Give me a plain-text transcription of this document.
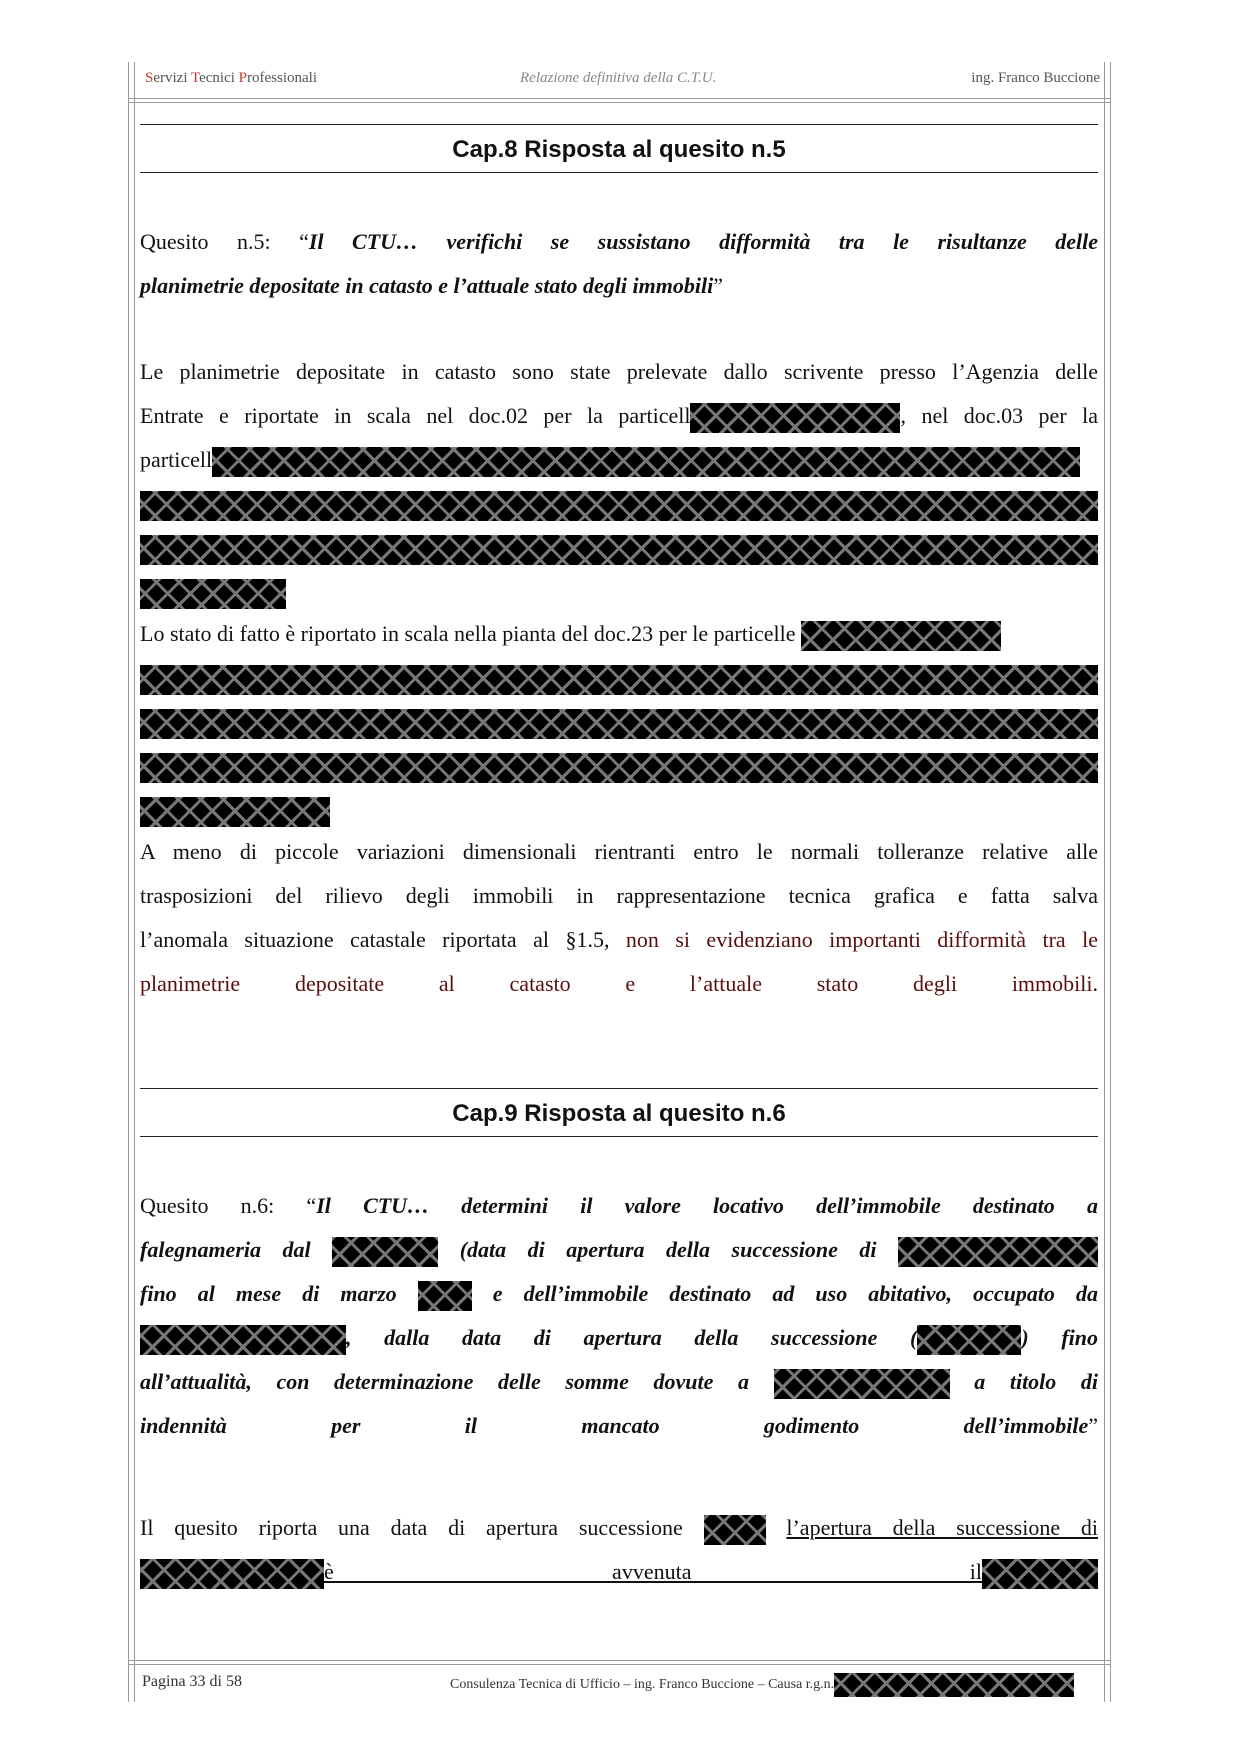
Servizi Tecnici Professionali	Relazione definitiva della C.T.U.	ing. Franco Buccione
Cap.8 Risposta al quesito n.5
Quesito n.5: “Il CTU… verifichi se sussistano difformità tra le risultanze delle
planimetrie depositate in catasto e l’attuale stato degli immobili”
Le planimetrie depositate in catasto sono state prelevate dallo scrivente presso l’Agenzia delle
Entrate e riportate in scala nel doc.02 per la particell	, nel doc.03 per la
particell
Lo stato di fatto è riportato in scala nella pianta del doc.23 per le particelle
A meno di piccole variazioni dimensionali rientranti entro le normali tolleranze relative alle
trasposizioni del rilievo degli immobili in rappresentazione tecnica grafica e fatta salva
l’anomala situazione catastale riportata al §1.5, non si evidenziano importanti difformità tra le
planimetrie depositate al catasto e l’attuale stato degli immobili.
Cap.9 Risposta al quesito n.6
Quesito n.6: “Il CTU… determini il valore locativo dell’immobile destinato a
falegnameria dal	(data di apertura della successione di
fino al mese di marzo	e dell’immobile destinato ad uso abitativo, occupato da
, dalla data di apertura della successione (	) fino
all’attualità, con determinazione delle somme dovute a	a titolo di
indennità per il mancato godimento dell’immobile”
Il quesito riporta una data di apertura successione	l’apertura della successione di
è avvenuta il
Pagina 33 di 58	Consulenza Tecnica di Ufficio – ing. Franco Buccione – Causa r.g.n.
